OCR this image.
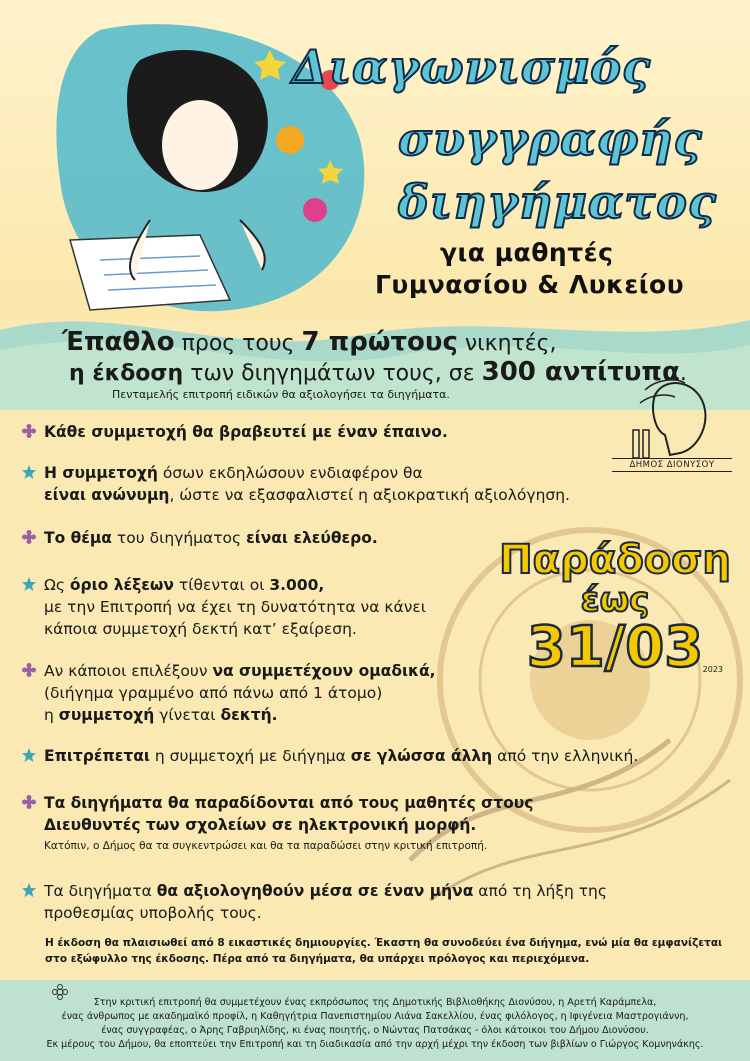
Διαγωνισμός
συγγραφής
διηγήματος
για μαθητές
Γυμνασίου & Λυκείου
Έπαθλο προς τους 7 πρώτους νικητές,
η έκδοση των διηγημάτων τους, σε 300 αντίτυπα.
Πενταμελής επιτροπή ειδικών θα αξιολογήσει τα διηγήματα.
ΔΗΜΟΣ ΔΙΟΝΥΣΟΥ
Παράδοση
έως
31/03 2023
Κάθε συμμετοχή θα βραβευτεί με έναν έπαινο.
Η συμμετοχή όσων εκδηλώσουν ενδιαφέρον θα
είναι ανώνυμη, ώστε να εξασφαλιστεί η αξιοκρατική αξιολόγηση.
Το θέμα του διηγήματος είναι ελεύθερο.
Ως όριο λέξεων τίθενται οι 3.000,
με την Επιτροπή να έχει τη δυνατότητα να κάνει
κάποια συμμετοχή δεκτή κατ’ εξαίρεση.
Αν κάποιοι επιλέξουν να συμμετέχουν ομαδικά,
(διήγημα γραμμένο από πάνω από 1 άτομο)
η συμμετοχή γίνεται δεκτή.
Επιτρέπεται η συμμετοχή με διήγημα σε γλώσσα άλλη από την ελληνική.
Τα διηγήματα θα παραδίδονται από τους μαθητές στους
Διευθυντές των σχολείων σε ηλεκτρονική μορφή.
Κατόπιν, ο Δήμος θα τα συγκεντρώσει και θα τα παραδώσει στην κριτική επιτροπή.
Τα διηγήματα θα αξιολογηθούν μέσα σε έναν μήνα από τη λήξη της
προθεσμίας υποβολής τους.
Η έκδοση θα πλαισιωθεί από 8 εικαστικές δημιουργίες. Έκαστη θα συνοδεύει ένα διήγημα, ενώ μία θα εμφανίζεται στο εξώφυλλο της έκδοσης. Πέρα από τα διηγήματα, θα υπάρχει πρόλογος και περιεχόμενα.
Στην κριτική επιτροπή θα συμμετέχουν ένας εκπρόσωπος της Δημοτικής Βιβλιοθήκης Διονύσου, η Αρετή Καράμπελα,
ένας άνθρωπος με ακαδημαϊκό προφίλ, η Καθηγήτρια Πανεπιστημίου Λιάνα Σακελλίου, ένας φιλόλογος, η Ιφιγένεια Μαστρογιάννη,
ένας συγγραφέας, ο Άρης Γαβριηλίδης, κι ένας ποιητής, ο Νώντας Πατσάκας - όλοι κάτοικοι του Δήμου Διονύσου.
Εκ μέρους του Δήμου, θα εποπτεύει την Επιτροπή και τη διαδικασία από την αρχή μέχρι την έκδοση των βιβλίων ο Γιώργος Κομνηνάκης.
